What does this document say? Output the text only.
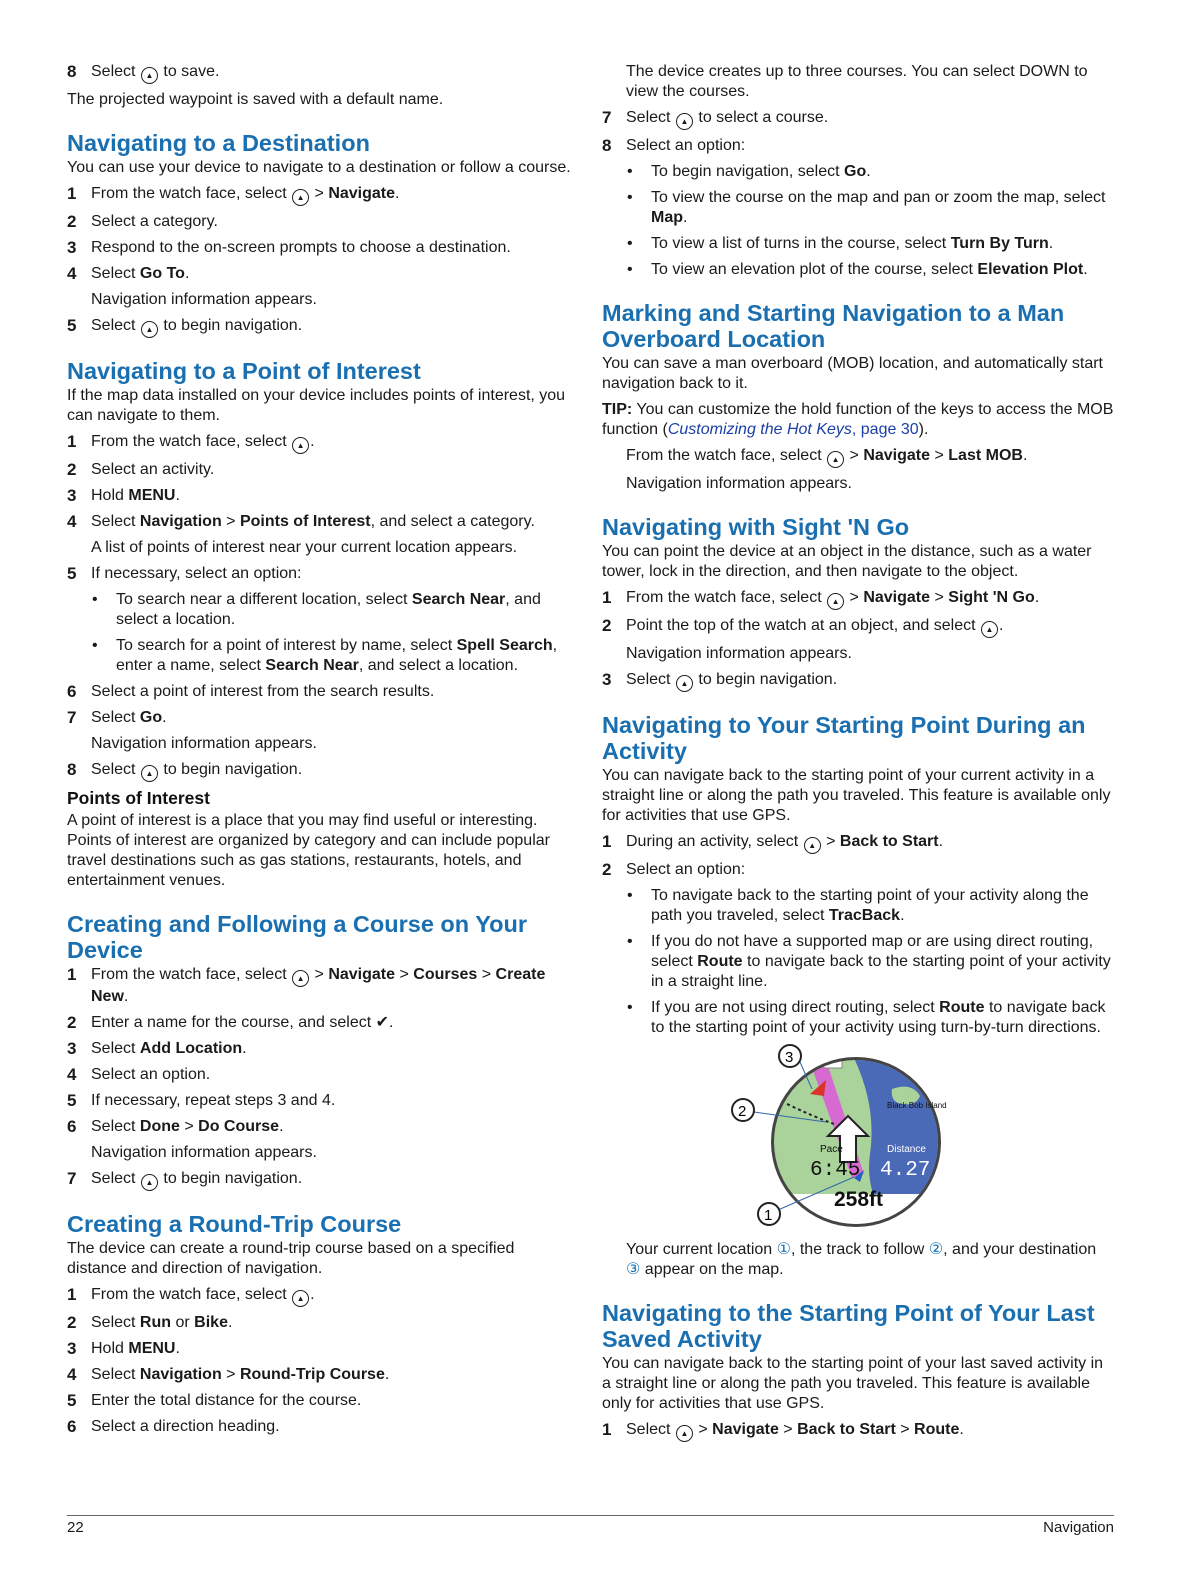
8 Select ▲ to save.

The projected waypoint is saved with a default name.

Navigating to a Destination

You can use your device to navigate to a destination or follow a course.

1 From the watch face, select ▲ > Navigate.
2 Select a category.
3 Respond to the on-screen prompts to choose a destination.
4 Select Go To.
Navigation information appears.
5 Select ▲ to begin navigation.
Navigating to a Point of Interest

If the map data installed on your device includes points of interest, you can navigate to them.

1 From the watch face, select ▲ .
2 Select an activity.
3 Hold MENU.
4 Select Navigation > Points of Interest, and select a category.
A list of points of interest near your current location appears.
5 If necessary, select an option:
•	To search near a different location, select Search Near, and select a location.
•	To search for a point of interest by name, select Spell Search, enter a name, select Search Near, and select a location.
6 Select a point of interest from the search results.
7 Select Go.
Navigation information appears.
8 Select ▲ to begin navigation.
Points of Interest

A point of interest is a place that you may find useful or interesting. Points of interest are organized by category and can include popular travel destinations such as gas stations, restaurants, hotels, and entertainment venues.

Creating and Following a Course on Your Device
1 From the watch face, select ▲ > Navigate > Courses > Create New.
2 Enter a name for the course, and select ✔.
3 Select Add Location.
4 Select an option.
5 If necessary, repeat steps 3 and 4.
6 Select Done > Do Course.
Navigation information appears.
7 Select ▲ to begin navigation.
Creating a Round-Trip Course

The device can create a round-trip course based on a specified distance and direction of navigation.

1 From the watch face, select ▲ .
2 Select Run or Bike.
3 Hold MENU.
4 Select Navigation > Round-Trip Course.
5 Enter the total distance for the course.
6 Select a direction heading.
The device creates up to three courses. You can select DOWN to view the courses.
7 Select ▲ to select a course.
8 Select an option:
•	To begin navigation, select Go.
•	To view the course on the map and pan or zoom the map, select Map.
•	To view a list of turns in the course, select Turn By Turn.
•	To view an elevation plot of the course, select Elevation Plot.
Marking and Starting Navigation to a Man Overboard Location

You can save a man overboard (MOB) location, and automatically start navigation back to it.

TIP: You can customize the hold function of the keys to access the MOB function (Customizing the Hot Keys, page 30).

From the watch face, select ▲ > Navigate > Last MOB.
Navigation information appears.
Navigating with Sight 'N Go

You can point the device at an object in the distance, such as a water tower, lock in the direction, and then navigate to the object.

1 From the watch face, select ▲ > Navigate > Sight 'N Go.
2 Point the top of the watch at an object, and select ▲ .
Navigation information appears.
3 Select ▲ to begin navigation.
Navigating to Your Starting Point During an Activity

You can navigate back to the starting point of your current activity in a straight line or along the path you traveled. This feature is available only for activities that use GPS.

1 During an activity, select ▲ > Back to Start.
2 Select an option:
•	To navigate back to the starting point of your activity along the path you traveled, select TracBack.
•	If you do not have a supported map or are using direct routing, select Route to navigate back to the starting point of your activity in a straight line.
•	If you are not using direct routing, select Route to navigate back to the starting point of your activity using turn-by-turn directions.
Black Bob Island
Pace
6:45
Distance
4.27
258ft
3
2
1
Your current location ①, the track to follow ②, and your destination ③ appear on the map.
Navigating to the Starting Point of Your Last Saved Activity

You can navigate back to the starting point of your last saved activity in a straight line or along the path you traveled. This feature is available only for activities that use GPS.

1 Select ▲ > Navigate > Back to Start > Route.
22	Navigation
